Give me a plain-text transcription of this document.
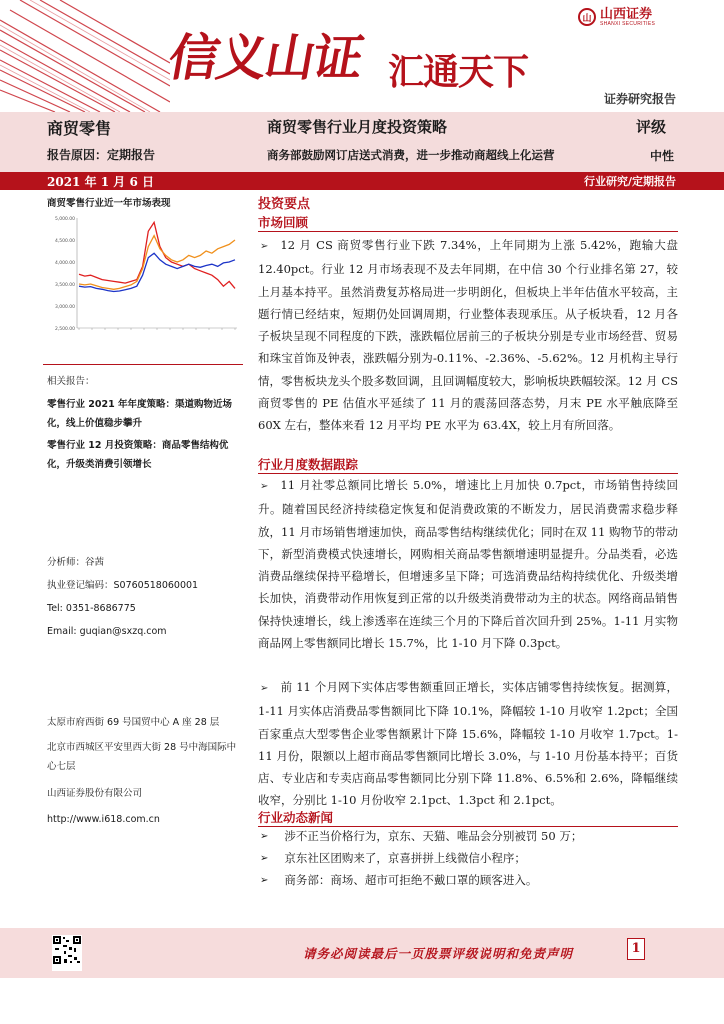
信义山证 汇通天下
山 山西证券
SHANXI SECURITIES
证券研究报告
商贸零售
报告原因：定期报告
商贸零售行业月度投资策略
商务部鼓励网订店送式消费，进一步推动商超线上化运营
评级
中性
2021 年 1 月 6 日	行业研究/定期报告
商贸零售行业近一年市场表现
5,000.00
4,500.00
4,000.00
3,500.00
3,000.00
2,500.00
相关报告：
零售行业 2021 年年度策略：渠道购物近场化，线上价值稳步攀升
零售行业 12 月投资策略：商品零售结构优化，升级类消费引领增长
分析师：谷茜
执业登记编码：S0760518060001
Tel: 0351-8686775
Email: guqian@sxzq.com
太原市府西街 69 号国贸中心 A 座 28 层
北京市西城区平安里西大街 28 号中海国际中心七层
山西证券股份有限公司
http://www.i618.com.cn
投资要点
市场回顾
➢ 12 月 CS 商贸零售行业下跌 7.34%，上年同期为上涨 5.42%，跑输大盘 12.40pct。行业 12 月市场表现不及去年同期，在中信 30 个行业排名第 27，较上月基本持平。虽然消费复苏格局进一步明朗化，但板块上半年估值水平较高，主题行情已经结束，短期仍处回调周期，行业整体表现承压。从子板块看，12 月各子板块呈现不同程度的下跌，涨跌幅位居前三的子板块分别是专业市场经营、贸易和珠宝首饰及钟表，涨跌幅分别为-0.11%、-2.36%、-5.62%。12 月机构主导行情，零售板块龙头个股多数回调，且回调幅度较大，影响板块跌幅较深。12 月 CS 商贸零售的 PE 估值水平延续了 11 月的震荡回落态势，月末 PE 水平触底降至 60X 左右，整体来看 12 月平均 PE 水平为 63.4X，较上月有所回落。
行业月度数据跟踪
➢ 11 月社零总额同比增长 5.0%，增速比上月加快 0.7pct，市场销售持续回升。随着国民经济持续稳定恢复和促消费政策的不断发力，居民消费需求稳步释放，11 月市场销售增速加快，商品零售结构继续优化；同时在双 11 购物节的带动下，新型消费模式快速增长，网购相关商品零售额增速明显提升。分品类看，必选消费品继续保持平稳增长，但增速多呈下降；可选消费品结构持续优化、升级类增长加快，消费带动作用恢复到正常的以升级类消费带动为主的状态。网络商品销售保持快速增长，线上渗透率在连续三个月的下降后首次回升到 25%。1-11 月实物商品网上零售额同比增长 15.7%，比 1-10 月下降 0.3pct。
➢ 前 11 个月网下实体店零售额重回正增长，实体店铺零售持续恢复。据测算，1-11 月实体店消费品零售额同比下降 10.1%，降幅较 1-10 月收窄 1.2pct；全国百家重点大型零售企业零售额累计下降 15.6%，降幅较 1-10 月收窄 1.7pct。1-11 月份，限额以上超市商品零售额同比增长 3.0%，与 1-10 月份基本持平；百货店、专业店和专卖店商品零售额同比分别下降 11.8%、6.5%和 2.6%，降幅继续收窄，分别比 1-10 月份收窄 2.1pct、1.3pct 和 2.1pct。
行业动态新闻
➢ 涉不正当价格行为，京东、天猫、唯品会分别被罚 50 万；
➢ 京东社区团购来了，京喜拼拼上线微信小程序；
➢ 商务部：商场、超市可拒绝不戴口罩的顾客进入。
请务必阅读最后一页股票评级说明和免责声明	1
